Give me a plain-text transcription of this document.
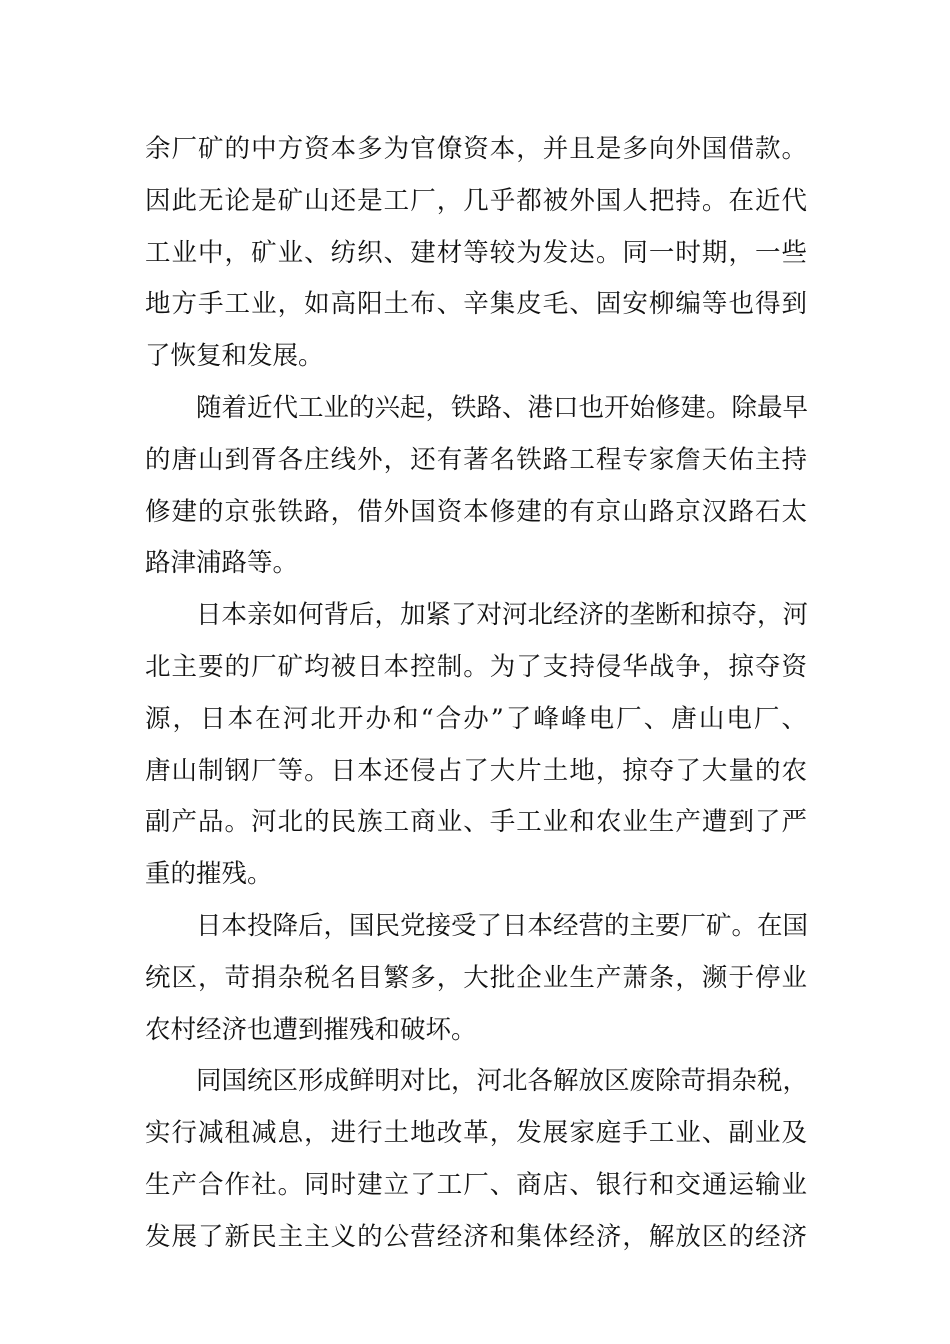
余厂矿的中方资本多为官僚资本，并且是多向外国借款。
因此无论是矿山还是工厂，几乎都被外国人把持。在近代
工业中，矿业、纺织、建材等较为发达。同一时期，一些
地方手工业，如高阳土布、辛集皮毛、固安柳编等也得到
了恢复和发展。
随着近代工业的兴起，铁路、港口也开始修建。除最早
的唐山到胥各庄线外，还有著名铁路工程专家詹天佑主持
修建的京张铁路，借外国资本修建的有京山路京汉路石太
路津浦路等。
日本亲如何背后，加紧了对河北经济的垄断和掠夺，河
北主要的厂矿均被日本控制。为了支持侵华战争，掠夺资
源，日本在河北开办和“合办”了峰峰电厂、唐山电厂、
唐山制钢厂等。日本还侵占了大片土地，掠夺了大量的农
副产品。河北的民族工商业、手工业和农业生产遭到了严
重的摧残。
日本投降后，国民党接受了日本经营的主要厂矿。在国
统区，苛捐杂税名目繁多，大批企业生产萧条，濒于停业
农村经济也遭到摧残和破坏。
同国统区形成鲜明对比，河北各解放区废除苛捐杂税，
实行减租减息，进行土地改革，发展家庭手工业、副业及
生产合作社。同时建立了工厂、商店、银行和交通运输业
发展了新民主主义的公营经济和集体经济，解放区的经济
